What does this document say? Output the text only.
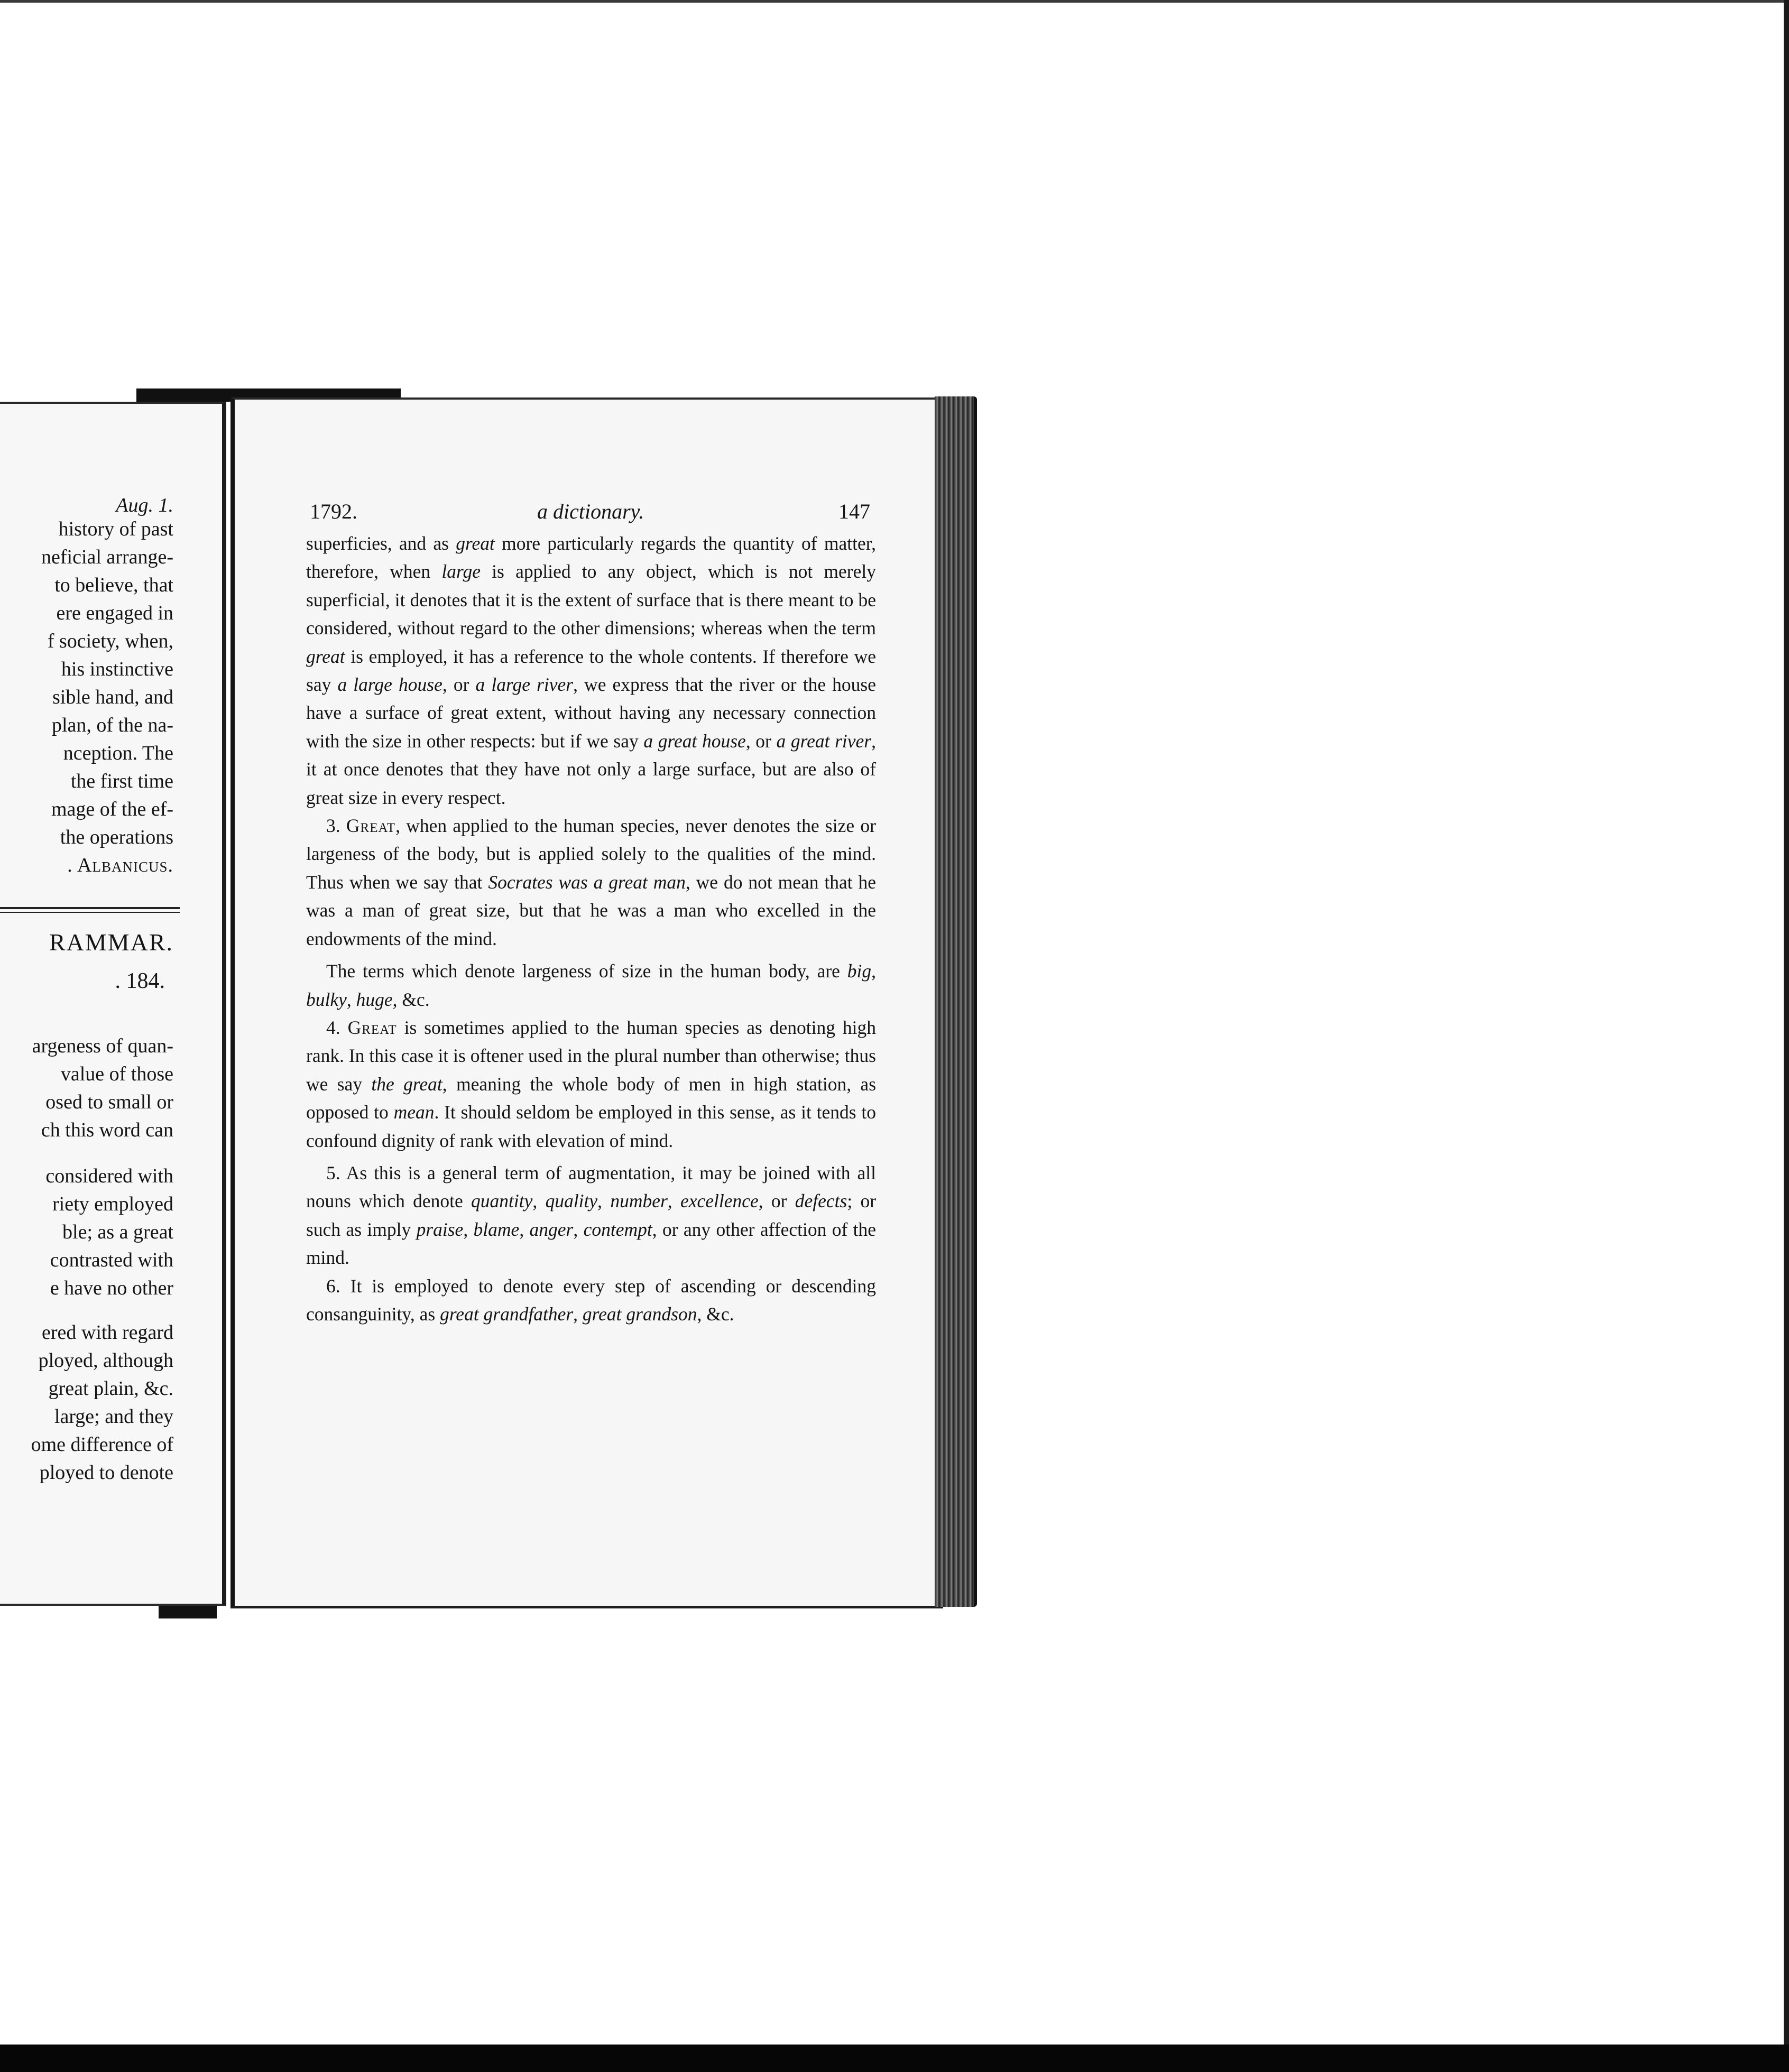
Aug. 1.
history of past
neficial arrange-
to believe, that
ere engaged in
f society, when,
his instinctive
sible hand, and
plan, of the na-
nception. The
the first time
mage of the ef-
the operations
. Albanicus.
RAMMAR.
. 184.
argeness of quan-
value of those
osed to small or
ch this word can
considered with
riety employed
ble; as a great
contrasted with
e have no other
ered with regard
ployed, although
great plain, &c.
large; and they
ome difference of
ployed to denote
1792.	a dictionary.	147

superficies, and as great more particularly regards the quantity of matter, therefore, when large is applied to any object, which is not merely superficial, it denotes that it is the extent of surface that is there meant to be considered, without regard to the other dimensions; whereas when the term great is employed, it has a reference to the whole contents. If therefore we say a large house, or a large river, we express that the river or the house have a surface of great extent, without having any necessary connection with the size in other respects: but if we say a great house, or a great river, it at once denotes that they have not only a large surface, but are also of great size in every respect.

3. Great, when applied to the human species, never denotes the size or largeness of the body, but is applied solely to the qualities of the mind. Thus when we say that Socrates was a great man, we do not mean that he was a man of great size, but that he was a man who excelled in the endowments of the mind.

The terms which denote largeness of size in the human body, are big, bulky, huge, &c.

4. Great is sometimes applied to the human species as denoting high rank. In this case it is oftener used in the plural number than otherwise; thus we say the great, meaning the whole body of men in high station, as opposed to mean. It should seldom be employed in this sense, as it tends to confound dignity of rank with elevation of mind.

5. As this is a general term of augmentation, it may be joined with all nouns which denote quantity, quality, number, excellence, or defects; or such as imply praise, blame, anger, contempt, or any other affection of the mind.

6. It is employed to denote every step of ascending or descending consanguinity, as great grandfather, great grandson, &c.
